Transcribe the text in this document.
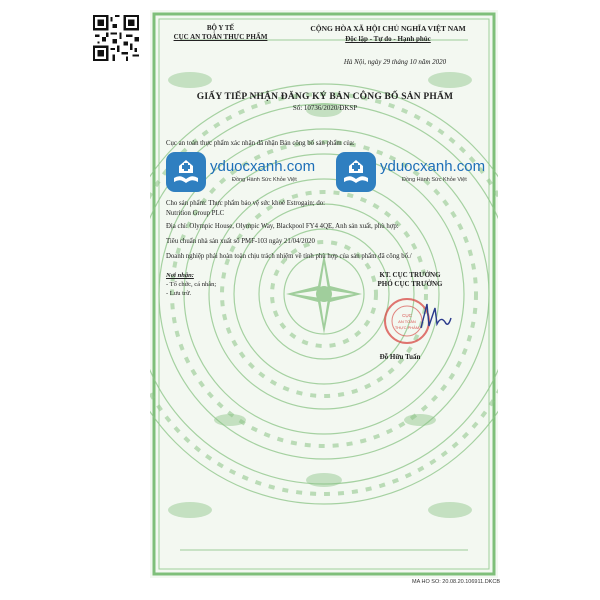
BỘ Y TẾ
CỤC AN TOÀN THỰC PHẨM
CỘNG HÒA XÃ HỘI CHỦ NGHĨA VIỆT NAM
Độc lập - Tự do - Hạnh phúc
Hà Nội, ngày 29 tháng 10 năm 2020
GIẤY TIẾP NHẬN ĐĂNG KÝ BẢN CÔNG BỐ SẢN PHẨM
Số: 10736/2020/ĐKSP
Cục an toàn thực phẩm xác nhận đã nhận Bản công bố sản phẩm của:
yduocxanh.com
Đồng Hành Sức Khỏe Việt
yduocxanh.com
Đồng Hành Sức Khỏe Việt
Cho sản phẩm: Thực phẩm bảo vệ sức khoẻ Estrogain; do:
Nutrition Group PLC
Địa chỉ: Olympic House, Olympic Way, Blackpool FY4 4QE, Anh sản xuất, phù hợp:
Tiêu chuẩn nhà sản xuất số PMF-103 ngày 21/04/2020
Doanh nghiệp phải hoàn toàn chịu trách nhiệm về tính phù hợp của sản phẩm đã công bố./
Nơi nhận:
- Tổ chức, cá nhân;
- Lưu trữ.
KT. CỤC TRƯỞNG
PHÓ CỤC TRƯỞNG
CỤC
AN TOÀN
THỰC PHẨM
Đỗ Hữu Tuấn
MA HO SO: 20.08.20.106911.DKCB
